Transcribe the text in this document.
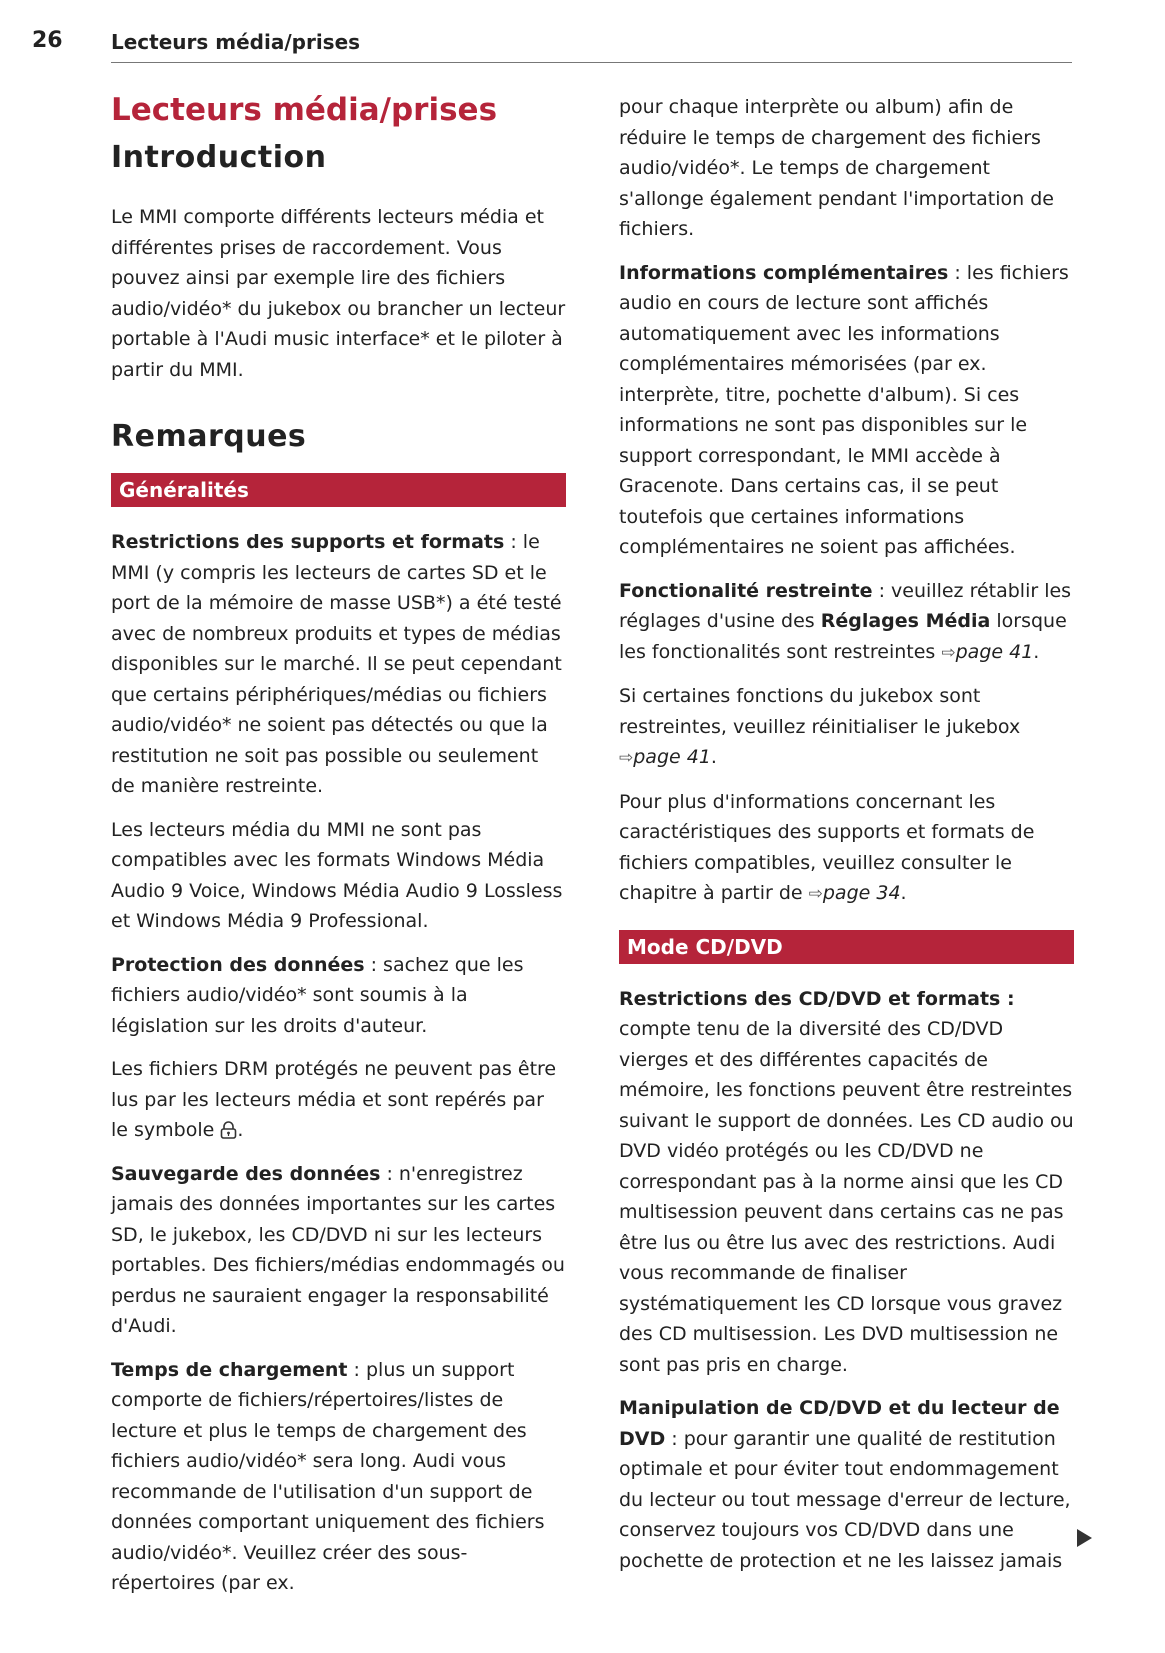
26 Lecteurs média/prises
Lecteurs média/prises
Introduction

Le MMI comporte différents lecteurs média et différentes prises de raccordement. Vous pouvez ainsi par exemple lire des fichiers audio/vidéo* du jukebox ou brancher un lecteur portable à l'Audi music interface* et le piloter à partir du MMI.

Remarques
Généralités

Restrictions des supports et formats : le MMI (y compris les lecteurs de cartes SD et le port de la mémoire de masse USB*) a été testé avec de nombreux produits et types de médias disponibles sur le marché. Il se peut cependant que certains périphériques/médias ou fichiers audio/vidéo* ne soient pas détectés ou que la restitution ne soit pas possible ou seulement de manière restreinte.

Les lecteurs média du MMI ne sont pas compatibles avec les formats Windows Média Audio 9 Voice, Windows Média Audio 9 Lossless et Windows Média 9 Professional.

Protection des données : sachez que les fichiers audio/vidéo* sont soumis à la législation sur les droits d'auteur.

Les fichiers DRM protégés ne peuvent pas être lus par les lecteurs média et sont repérés par le symbole .

Sauvegarde des données : n'enregistrez jamais des données importantes sur les cartes SD, le jukebox, les CD/DVD ni sur les lecteurs portables. Des fichiers/médias endommagés ou perdus ne sauraient engager la responsabilité d'Audi.

Temps de chargement : plus un support comporte de fichiers/répertoires/listes de lecture et plus le temps de chargement des fichiers audio/vidéo* sera long. Audi vous recommande de l'utilisation d'un support de données comportant uniquement des fichiers audio/vidéo*. Veuillez créer des sous-répertoires (par ex.

pour chaque interprète ou album) afin de réduire le temps de chargement des fichiers audio/vidéo*. Le temps de chargement s'allonge également pendant l'importation de fichiers.

Informations complémentaires : les fichiers audio en cours de lecture sont affichés automatiquement avec les informations complémentaires mémorisées (par ex. interprète, titre, pochette d'album). Si ces informations ne sont pas disponibles sur le support correspondant, le MMI accède à Gracenote. Dans certains cas, il se peut toutefois que certaines informations complémentaires ne soient pas affichées.

Fonctionalité restreinte : veuillez rétablir les réglages d'usine des Réglages Média lorsque les fonctionalités sont restreintes ⇨page 41.

Si certaines fonctions du jukebox sont restreintes, veuillez réinitialiser le jukebox ⇨page 41.

Pour plus d'informations concernant les caractéristiques des supports et formats de fichiers compatibles, veuillez consulter le chapitre à partir de ⇨page 34.

Mode CD/DVD

Restrictions des CD/DVD et formats : compte tenu de la diversité des CD/DVD vierges et des différentes capacités de mémoire, les fonctions peuvent être restreintes suivant le support de données. Les CD audio ou DVD vidéo protégés ou les CD/DVD ne correspondant pas à la norme ainsi que les CD multisession peuvent dans certains cas ne pas être lus ou être lus avec des restrictions. Audi vous recommande de finaliser systématiquement les CD lorsque vous gravez des CD multisession. Les DVD multisession ne sont pas pris en charge.

Manipulation de CD/DVD et du lecteur de DVD : pour garantir une qualité de restitution optimale et pour éviter tout endommagement du lecteur ou tout message d'erreur de lecture, conservez toujours vos CD/DVD dans une pochette de protection et ne les laissez jamais
